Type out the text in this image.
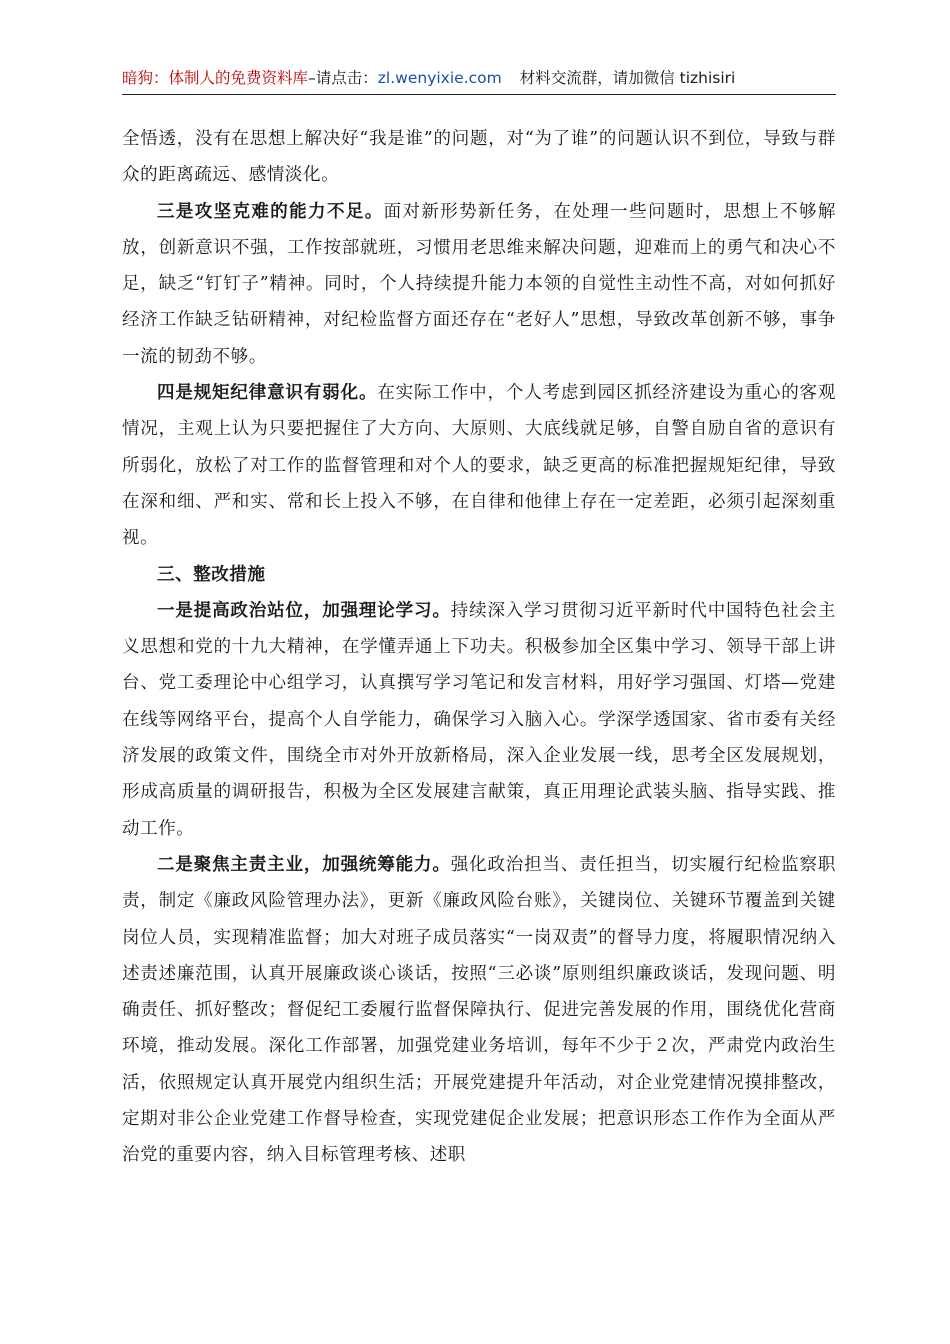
暗狗：体制人的免费资料库–请点击：zl.wenyixie.com 材料交流群，请加微信 tizhisiri

全悟透，没有在思想上解决好“我是谁”的问题，对“为了谁”的问题认识不到位，导致与群众的距离疏远、感情淡化。

三是攻坚克难的能力不足。面对新形势新任务，在处理一些问题时，思想上不够解放，创新意识不强，工作按部就班，习惯用老思维来解决问题，迎难而上的勇气和决心不足，缺乏“钉钉子”精神。同时，个人持续提升能力本领的自觉性主动性不高，对如何抓好经济工作缺乏钻研精神，对纪检监督方面还存在“老好人”思想，导致改革创新不够，事争一流的韧劲不够。

四是规矩纪律意识有弱化。在实际工作中，个人考虑到园区抓经济建设为重心的客观情况，主观上认为只要把握住了大方向、大原则、大底线就足够，自警自励自省的意识有所弱化，放松了对工作的监督管理和对个人的要求，缺乏更高的标准把握规矩纪律，导致在深和细、严和实、常和长上投入不够，在自律和他律上存在一定差距，必须引起深刻重视。

三、整改措施

一是提高政治站位，加强理论学习。持续深入学习贯彻习近平新时代中国特色社会主义思想和党的十九大精神，在学懂弄通上下功夫。积极参加全区集中学习、领导干部上讲台、党工委理论中心组学习，认真撰写学习笔记和发言材料，用好学习强国、灯塔—党建在线等网络平台，提高个人自学能力，确保学习入脑入心。学深学透国家、省市委有关经济发展的政策文件，围绕全市对外开放新格局，深入企业发展一线，思考全区发展规划，形成高质量的调研报告，积极为全区发展建言献策，真正用理论武装头脑、指导实践、推动工作。

二是聚焦主责主业，加强统筹能力。强化政治担当、责任担当，切实履行纪检监察职责，制定《廉政风险管理办法》，更新《廉政风险台账》，关键岗位、关键环节覆盖到关键岗位人员，实现精准监督；加大对班子成员落实“一岗双责”的督导力度，将履职情况纳入述责述廉范围，认真开展廉政谈心谈话，按照“三必谈”原则组织廉政谈话，发现问题、明确责任、抓好整改；督促纪工委履行监督保障执行、促进完善发展的作用，围绕优化营商环境，推动发展。深化工作部署，加强党建业务培训，每年不少于２次，严肃党内政治生活，依照规定认真开展党内组织生活；开展党建提升年活动，对企业党建情况摸排整改，定期对非公企业党建工作督导检查，实现党建促企业发展；把意识形态工作作为全面从严治党的重要内容，纳入目标管理考核、述职
